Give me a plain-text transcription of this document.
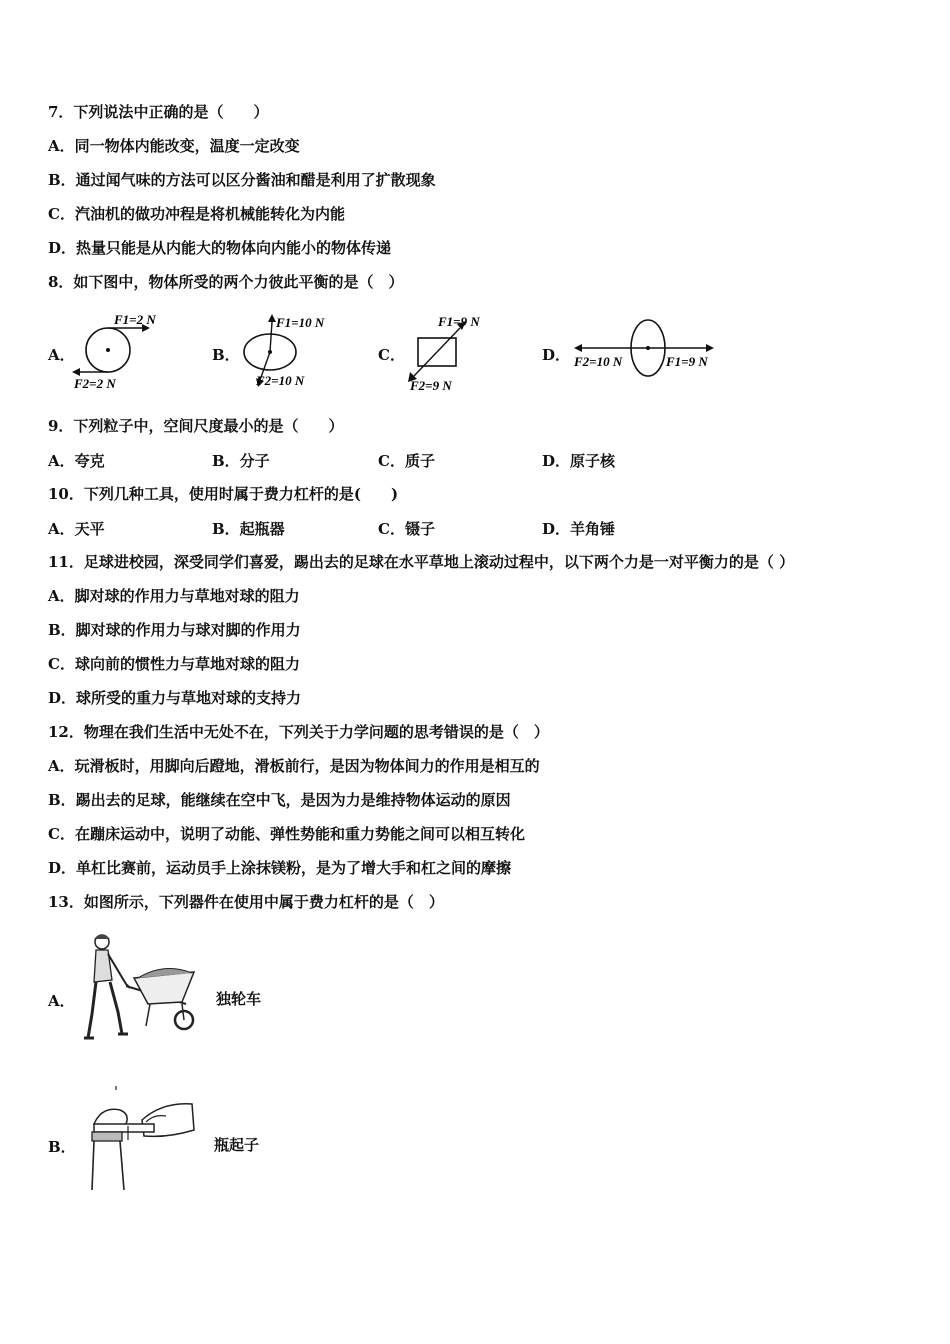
7．下列说法中正确的是（　　）
A．同一物体内能改变，温度一定改变
B．通过闻气味的方法可以区分酱油和醋是利用了扩散现象
C．汽油机的做功冲程是将机械能转化为内能
D．热量只能是从内能大的物体向内能小的物体传递
8．如下图中，物体所受的两个力彼此平衡的是（　）
A．	B．	C．	D．
F1=2 N
F2=2 N
F1=10 N
F2=10 N
F1=9 N
F2=9 N
F2=10 N	F1=9 N
9．下列粒子中，空间尺度最小的是（　　）
A．夸克	B．分子	C．质子	D．原子核
10．下列几种工具，使用时属于费力杠杆的是(　　)
A．天平	B．起瓶器	C．镊子	D．羊角锤
11．足球进校园，深受同学们喜爱，踢出去的足球在水平草地上滚动过程中，以下两个力是一对平衡力的是（ ）
A．脚对球的作用力与草地对球的阻力
B．脚对球的作用力与球对脚的作用力
C．球向前的惯性力与草地对球的阻力
D．球所受的重力与草地对球的支持力
12．物理在我们生活中无处不在，下列关于力学问题的思考错误的是（　）
A．玩滑板时，用脚向后蹬地，滑板前行，是因为物体间力的作用是相互的
B．踢出去的足球，能继续在空中飞，是因为力是维持物体运动的原因
C．在蹦床运动中，说明了动能、弹性势能和重力势能之间可以相互转化
D．单杠比赛前，运动员手上涂抹镁粉，是为了增大手和杠之间的摩擦
13．如图所示，下列器件在使用中属于费力杠杆的是（　）
A．	独轮车
B．	瓶起子
